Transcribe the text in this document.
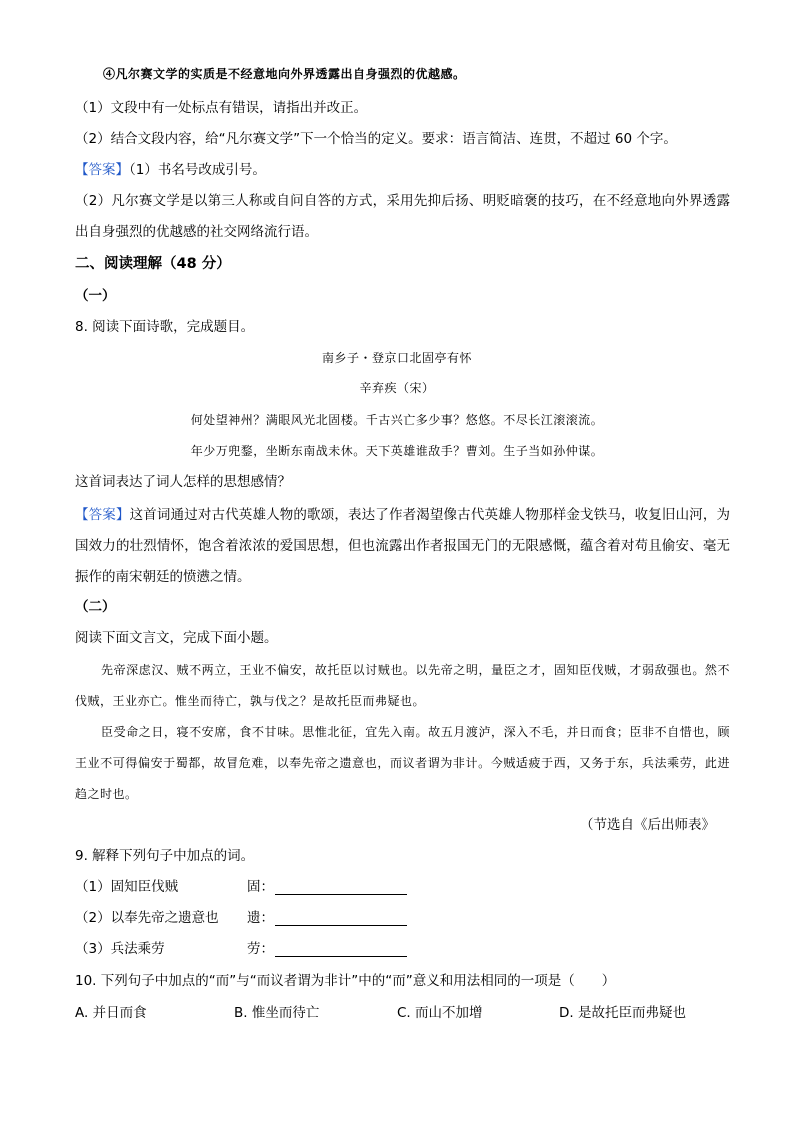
④凡尔赛文学的实质是不经意地向外界透露出自身强烈的优越感。
（1）文段中有一处标点有错误，请指出并改正。
（2）结合文段内容，给“凡尔赛文学”下一个恰当的定义。要求：语言简洁、连贯，不超过 60 个字。
【答案】（1）书名号改成引号。
（2）凡尔赛文学是以第三人称或自问自答的方式，采用先抑后扬、明贬暗褒的技巧，在不经意地向外界透露出自身强烈的优越感的社交网络流行语。
二、阅读理解（48 分）
（一）
8. 阅读下面诗歌，完成题目。
南乡子・登京口北固亭有怀
辛弃疾（宋）
何处望神州？满眼风光北固楼。千古兴亡多少事？悠悠。不尽长江滚滚流。
年少万兜鍪，坐断东南战未休。天下英雄谁敌手？曹刘。生子当如孙仲谋。
这首词表达了词人怎样的思想感情？
【答案】这首词通过对古代英雄人物的歌颂，表达了作者渴望像古代英雄人物那样金戈铁马，收复旧山河，为国效力的壮烈情怀，饱含着浓浓的爱国思想，但也流露出作者报国无门的无限感慨，蕴含着对苟且偷安、毫无振作的南宋朝廷的愤懑之情。
（二）
阅读下面文言文，完成下面小题。
先帝深虑汉、贼不两立，王业不偏安，故托臣以讨贼也。以先帝之明，量臣之才，固知臣伐贼，才弱敌强也。然不伐贼，王业亦亡。惟坐而待亡，孰与伐之？是故托臣而弗疑也。
臣受命之日，寝不安席，食不甘味。思惟北征，宜先入南。故五月渡泸，深入不毛，并日而食；臣非不自惜也，顾王业不可得偏安于蜀都，故冒危难，以奉先帝之遗意也，而议者谓为非计。今贼适疲于西，又务于东，兵法乘劳，此进趋之时也。
（节选自《后出师表》
9. 解释下列句子中加点的词。
（1）固知臣伐贼	固：
（2）以奉先帝之遗意也 遗：
（3）兵法乘劳	劳：
10. 下列句子中加点的“而”与“而议者谓为非计”中的“而”意义和用法相同的一项是（　　）
A. 并日而食	B. 惟坐而待亡	C. 而山不加增	D. 是故托臣而弗疑也
